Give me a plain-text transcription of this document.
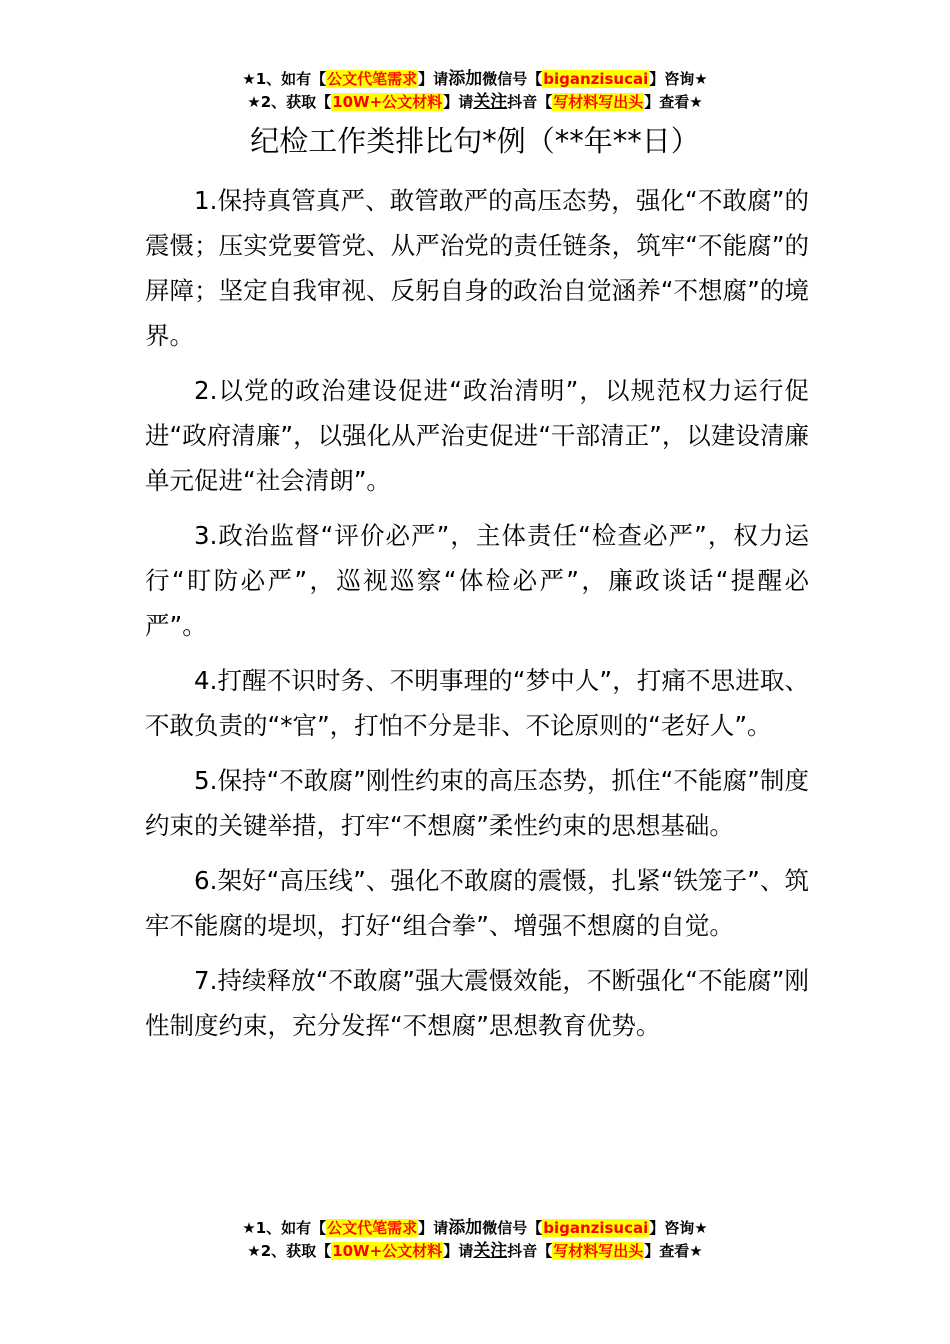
★1、如有【公文代笔需求】请添加微信号【biganzisucai】咨询★
★2、获取【10W+公文材料】请关注抖音【写材料写出头】查看★
纪检工作类排比句*例（**年**日）

1.保持真管真严、敢管敢严的高压态势，强化“不敢腐”的震慑；压实党要管党、从严治党的责任链条，筑牢“不能腐”的屏障；坚定自我审视、反躬自身的政治自觉涵养“不想腐”的境界。

2.以党的政治建设促进“政治清明”，以规范权力运行促进“政府清廉”，以强化从严治吏促进“干部清正”，以建设清廉单元促进“社会清朗”。

3.政治监督“评价必严”，主体责任“检查必严”，权力运行“盯防必严”，巡视巡察“体检必严”，廉政谈话“提醒必严”。

4.打醒不识时务、不明事理的“梦中人”，打痛不思进取、不敢负责的“*官”，打怕不分是非、不论原则的“老好人”。

5.保持“不敢腐”刚性约束的高压态势，抓住“不能腐”制度约束的关键举措，打牢“不想腐”柔性约束的思想基础。

6.架好“高压线”、强化不敢腐的震慑，扎紧“铁笼子”、筑牢不能腐的堤坝，打好“组合拳”、增强不想腐的自觉。

7.持续释放“不敢腐”强大震慑效能，不断强化“不能腐”刚性制度约束，充分发挥“不想腐”思想教育优势。

★1、如有【公文代笔需求】请添加微信号【biganzisucai】咨询★
★2、获取【10W+公文材料】请关注抖音【写材料写出头】查看★
